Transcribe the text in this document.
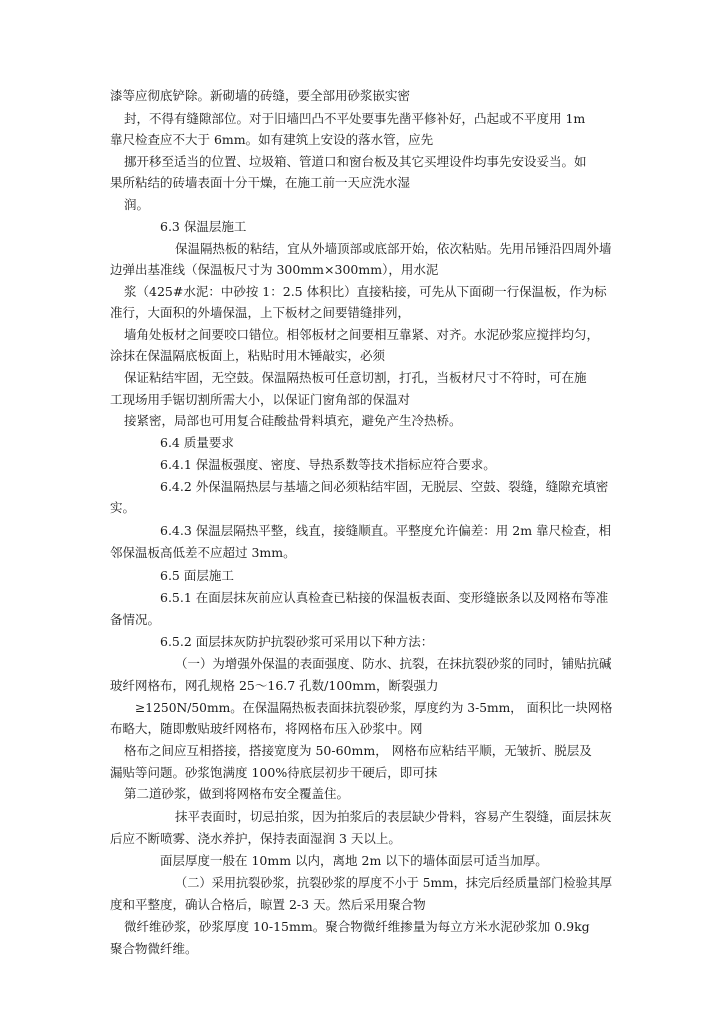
漆等应彻底铲除。新砌墙的砖缝，要全部用砂浆嵌实密
封，不得有缝隙部位。对于旧墙凹凸不平处要事先凿平修补好，凸起或不平度用 1m
靠尺检查应不大于 6mm。如有建筑上安设的落水管，应先
挪开移至适当的位置、垃圾箱、管道口和窗台板及其它买埋设件均事先安设妥当。如
果所粘结的砖墙表面十分干燥，在施工前一天应洗水湿
润。
6.3 保温层施工
保温隔热板的粘结，宜从外墙顶部或底部开始，依次粘贴。先用吊锤沿四周外墙
边弹出基准线（保温板尺寸为 300mm×300mm），用水泥
浆（425#水泥：中砂按 1：2.5 体积比）直接粘接，可先从下面砌一行保温板，作为标
准行，大面积的外墙保温，上下板材之间要错缝排列，
墙角处板材之间要咬口错位。相邻板材之间要相互靠紧、对齐。水泥砂浆应搅拌均匀，
涂抹在保温隔底板面上，粘贴时用木锤敲实，必须
保证粘结牢固，无空鼓。保温隔热板可任意切割，打孔，当板材尺寸不符时，可在施
工现场用手锯切割所需大小，以保证门窗角部的保温对
接紧密，局部也可用复合硅酸盐骨料填充，避免产生冷热桥。
6.4 质量要求
6.4.1 保温板强度、密度、导热系数等技术指标应符合要求。
6.4.2 外保温隔热层与基墙之间必须粘结牢固，无脱层、空鼓、裂缝，缝隙充填密
实。
6.4.3 保温层隔热平整，线直，接缝顺直。平整度允许偏差：用 2m 靠尺检查，相
邻保温板高低差不应超过 3mm。
6.5 面层施工
6.5.1 在面层抹灰前应认真检查已粘接的保温板表面、变形缝嵌条以及网格布等准
备情况。
6.5.2 面层抹灰防护抗裂砂浆可采用以下种方法：
（一）为增强外保温的表面强度、防水、抗裂，在抹抗裂砂浆的同时，铺贴抗碱
玻纤网格布，网孔规格 25～16.7 孔数/100mm，断裂强力
≥1250N/50mm。在保温隔热板表面抹抗裂砂浆，厚度约为 3-5mm， 面积比一块网格
布略大，随即敷贴玻纤网格布，将网格布压入砂浆中。网
格布之间应互相搭接，搭接宽度为 50-60mm， 网格布应粘结平顺，无皱折、脱层及
漏贴等问题。砂浆饱满度 100%待底层初步干硬后，即可抹
第二道砂浆，做到将网格布安全覆盖住。
抹平表面时，切忌拍浆，因为拍浆后的表层缺少骨料，容易产生裂缝，面层抹灰
后应不断喷雾、浇水养护，保持表面湿润 3 天以上。
面层厚度一般在 10mm 以内，离地 2m 以下的墙体面层可适当加厚。
（二）采用抗裂砂浆，抗裂砂浆的厚度不小于 5mm，抹完后经质量部门检验其厚
度和平整度，确认合格后，晾置 2-3 天。然后采用聚合物
微纤维砂浆，砂浆厚度 10-15mm。聚合物微纤维掺量为每立方米水泥砂浆加 0.9kg
聚合物微纤维。
